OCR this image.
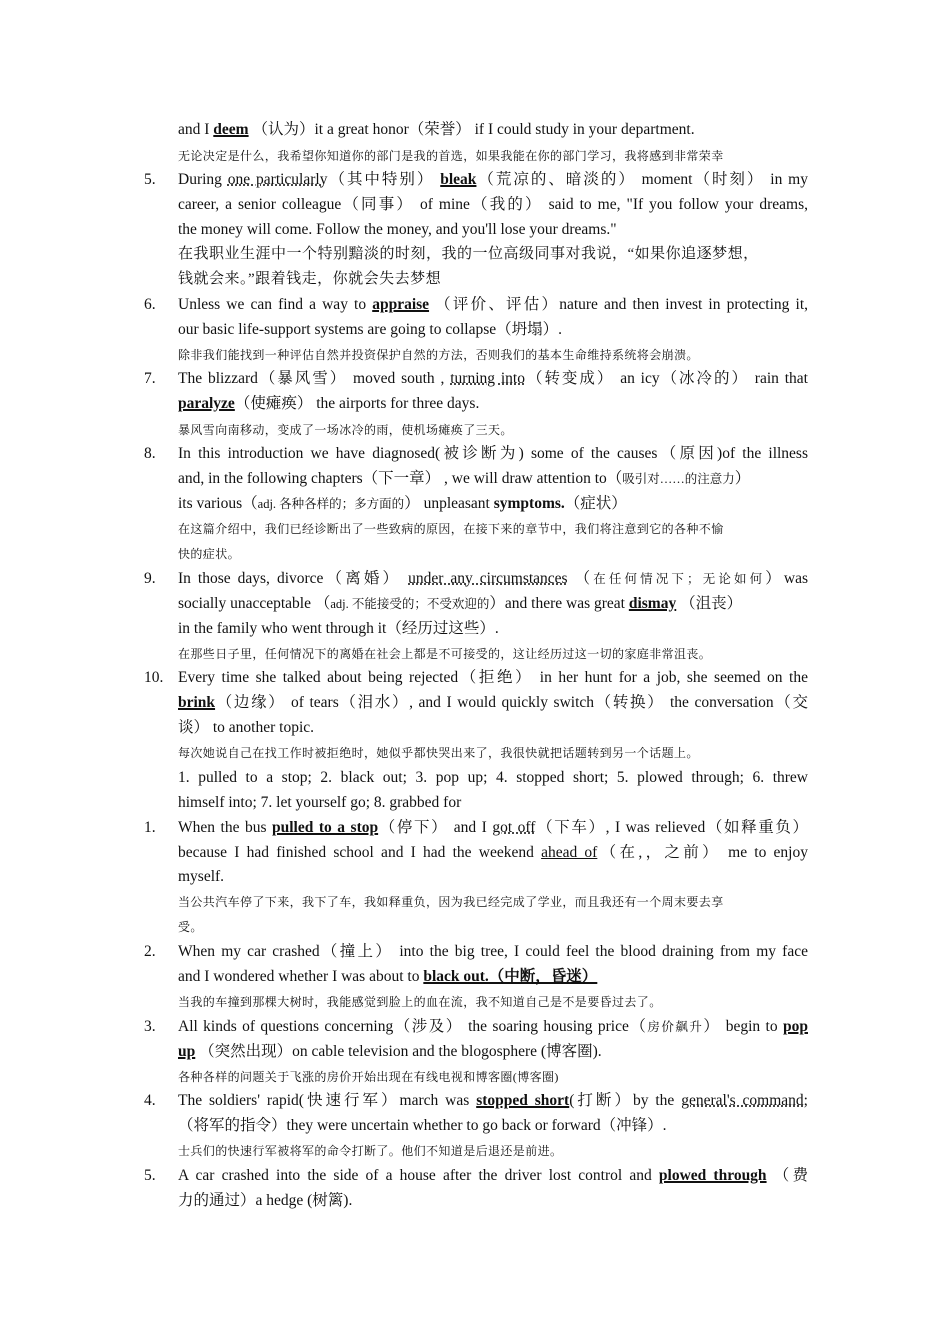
and I deem （认为）it a great honor（荣誉） if I could study in your department.
无论决定是什么，我希望你知道你的部门是我的首选，如果我能在你的部门学习，我将感到非常荣幸
5.	During one particularly（其中特别） bleak（荒凉的、暗淡的） moment（时刻） in my
career, a senior colleague（同事） of mine（我的） said to me, "If you follow your dreams,
the money will come. Follow the money, and you'll lose your dreams."
在我职业生涯中一个特别黯淡的时刻，我的一位高级同事对我说，“如果你追逐梦想，
钱就会来。”跟着钱走，你就会失去梦想
6.	Unless we can find a way to appraise （评价、评估）nature and then invest in protecting it,
our basic life-support systems are going to collapse（坍塌）.
除非我们能找到一种评估自然并投资保护自然的方法，否则我们的基本生命维持系统将会崩溃。
7.	The blizzard（暴风雪） moved south , turning into（转变成） an icy（冰冷的） rain that
paralyze（使瘫痪） the airports for three days.
暴风雪向南移动，变成了一场冰冷的雨，使机场瘫痪了三天。
8.	In this introduction we have diagnosed(被诊断为) some of the causes（原因)of the illness
and, in the following chapters（下一章） , we will draw attention to（吸引对……的注意力）
its various（adj. 各种各样的；多方面的） unpleasant symptoms.（症状）
在这篇介绍中，我们已经诊断出了一些致病的原因，在接下来的章节中，我们将注意到它的各种不愉
快的症状。
9.	In those days, divorce（离婚） under any circumstances （在任何情况下；无论如何）was
socially unacceptable （adj. 不能接受的；不受欢迎的）and there was great dismay （沮丧）
in the family who went through it（经历过这些）.
在那些日子里，任何情况下的离婚在社会上都是不可接受的，这让经历过这一切的家庭非常沮丧。
10. Every time she talked about being rejected（拒绝） in her hunt for a job, she seemed on the
brink（边缘） of tears（泪水）, and I would quickly switch（转换） the conversation（交
谈） to another topic.
每次她说自己在找工作时被拒绝时，她似乎都快哭出来了，我很快就把话题转到另一个话题上。
1. pulled to a stop; 2. black out; 3. pop up; 4. stopped short; 5. plowed through; 6. threw
himself into; 7. let yourself go; 8. grabbed for
1.	When the bus pulled to a stop（停下） and I got off（下车）, I was relieved（如释重负）
because I had finished school and I had the weekend ahead of（在,，之前） me to enjoy
myself.
当公共汽车停了下来，我下了车，我如释重负，因为我已经完成了学业，而且我还有一个周末要去享
受。
2.	When my car crashed（撞上） into the big tree, I could feel the blood draining from my face
and I wondered whether I was about to black out.（中断，昏迷）
当我的车撞到那棵大树时，我能感觉到脸上的血在流，我不知道自己是不是要昏过去了。
3.	All kinds of questions concerning（涉及） the soaring housing price（房价飙升） begin to pop
up （突然出现）on cable television and the blogosphere (博客圈).
各种各样的问题关于飞涨的房价开始出现在有线电视和博客圈(博客圈)
4.	The soldiers' rapid(快速行军）march was stopped short(打断）by the general's command;
（将军的指令）they were uncertain whether to go back or forward（冲锋）.
士兵们的快速行军被将军的命令打断了。他们不知道是后退还是前进。
5.	A car crashed into the side of a house after the driver lost control and plowed through （费
力的通过）a hedge (树篱).
